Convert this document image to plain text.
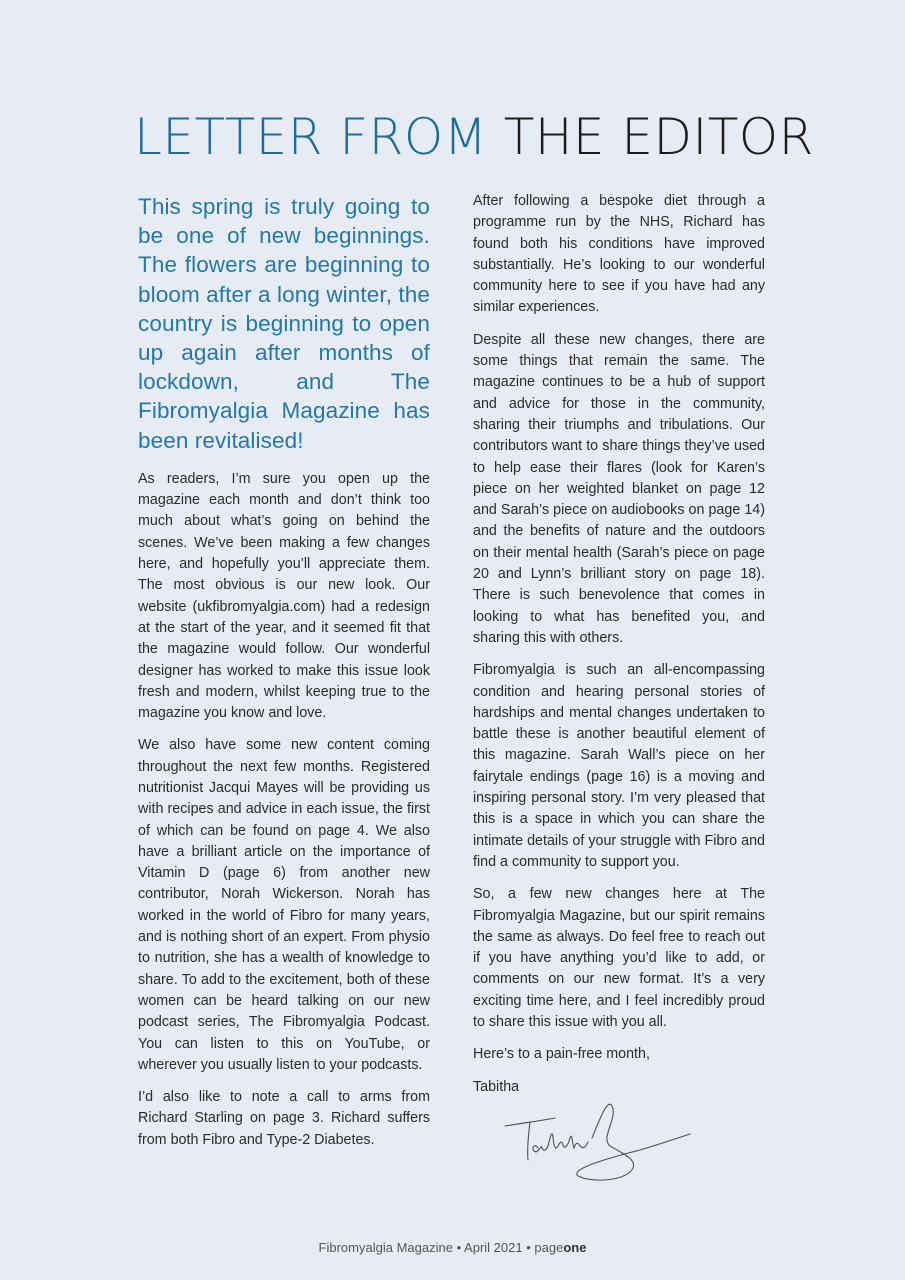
LETTER FROM THE EDITOR

This spring is truly going to be one of new beginnings. The flowers are beginning to bloom after a long winter, the country is beginning to open up again after months of lockdown, and The Fibromyalgia Magazine has been revitalised!

As readers, I’m sure you open up the magazine each month and don’t think too much about what’s going on behind the scenes. We’ve been making a few changes here, and hopefully you’ll appreciate them. The most obvious is our new look. Our website (ukfibromyalgia.com) had a redesign at the start of the year, and it seemed fit that the magazine would follow. Our wonderful designer has worked to make this issue look fresh and modern, whilst keeping true to the magazine you know and love.

We also have some new content coming throughout the next few months. Registered nutritionist Jacqui Mayes will be providing us with recipes and advice in each issue, the first of which can be found on page 4. We also have a brilliant article on the importance of Vitamin D (page 6) from another new contributor, Norah Wickerson. Norah has worked in the world of Fibro for many years, and is nothing short of an expert. From physio to nutrition, she has a wealth of knowledge to share. To add to the excitement, both of these women can be heard talking on our new podcast series, The Fibromyalgia Podcast. You can listen to this on YouTube, or wherever you usually listen to your podcasts.

I’d also like to note a call to arms from Richard Starling on page 3. Richard suffers from both Fibro and Type-2 Diabetes.

After following a bespoke diet through a programme run by the NHS, Richard has found both his conditions have improved substantially. He’s looking to our wonderful community here to see if you have had any similar experiences.

Despite all these new changes, there are some things that remain the same. The magazine continues to be a hub of support and advice for those in the community, sharing their triumphs and tribulations. Our contributors want to share things they’ve used to help ease their flares (look for Karen’s piece on her weighted blanket on page 12 and Sarah’s piece on audiobooks on page 14) and the benefits of nature and the outdoors on their mental health (Sarah’s piece on page 20 and Lynn’s brilliant story on page 18). There is such benevolence that comes in looking to what has benefited you, and sharing this with others.

Fibromyalgia is such an all-encompassing condition and hearing personal stories of hardships and mental changes undertaken to battle these is another beautiful element of this magazine. Sarah Wall’s piece on her fairytale endings (page 16) is a moving and inspiring personal story. I’m very pleased that this is a space in which you can share the intimate details of your struggle with Fibro and find a community to support you.

So, a few new changes here at The Fibromyalgia Magazine, but our spirit remains the same as always. Do feel free to reach out if you have anything you’d like to add, or comments on our new format. It’s a very exciting time here, and I feel incredibly proud to share this issue with you all.

Here’s to a pain-free month,

Tabitha

Fibromyalgia Magazine • April 2021 • pageone
